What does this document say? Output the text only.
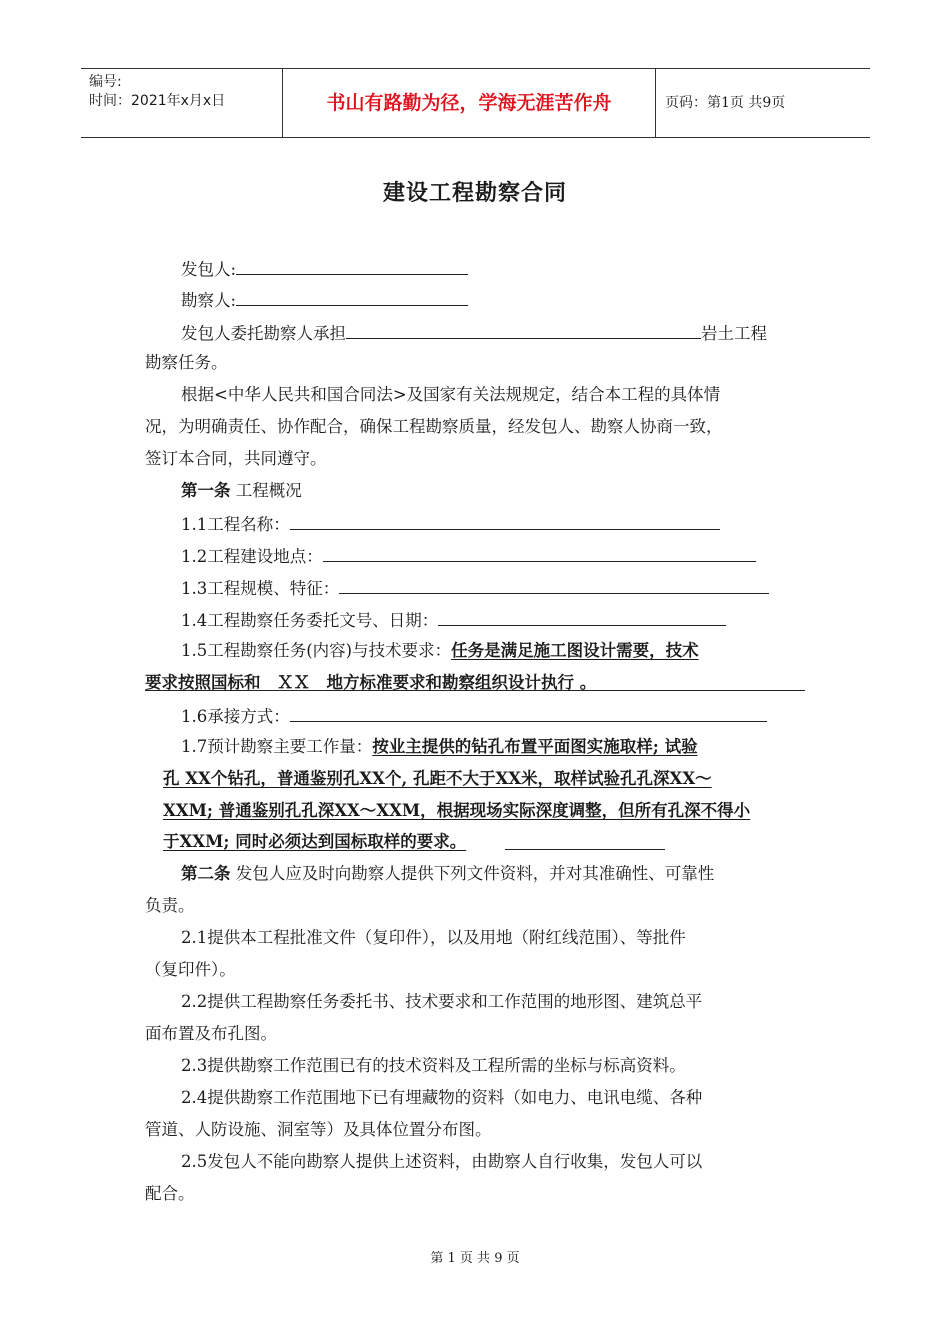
编号:
时间：2021年x月x日	书山有路勤为径，学海无涯苦作舟	页码：第1页 共9页
建设工程勘察合同
发包人:
勘察人:
发包人委托勘察人承担	岩土工程
勘察任务。
根据<中华人民共和国合同法>及国家有关法规规定，结合本工程的具体情
况，为明确责任、协作配合，确保工程勘察质量，经发包人、勘察人协商一致，
签订本合同，共同遵守。
第一条 工程概况
1.1工程名称：
1.2工程建设地点：
1.3工程规模、特征：
1.4工程勘察任务委托文号、日期：
1.5工程勘察任务(内容)与技术要求：任务是满足施工图设计需要，技术
要求按照国标和　ＸＸ　地方标准要求和勘察组织设计执行 。
1.6承接方式：
1.7预计勘察主要工作量：按业主提供的钻孔布置平面图实施取样; 试验
孔 XX个钻孔，普通鉴别孔XX个, 孔距不大于XX米，取样试验孔孔深XX～
XXM; 普通鉴别孔孔深XX～XXM，根据现场实际深度调整，但所有孔深不得小
于XXM; 同时必须达到国标取样的要求。
第二条 发包人应及时向勘察人提供下列文件资料，并对其准确性、可靠性
负责。
2.1提供本工程批准文件（复印件），以及用地（附红线范围）、等批件
（复印件）。
2.2提供工程勘察任务委托书、技术要求和工作范围的地形图、建筑总平
面布置及布孔图。
2.3提供勘察工作范围已有的技术资料及工程所需的坐标与标高资料。
2.4提供勘察工作范围地下已有埋藏物的资料（如电力、电讯电缆、各种
管道、人防设施、洞室等）及具体位置分布图。
2.5发包人不能向勘察人提供上述资料，由勘察人自行收集，发包人可以
配合。
第 1 页 共 9 页
